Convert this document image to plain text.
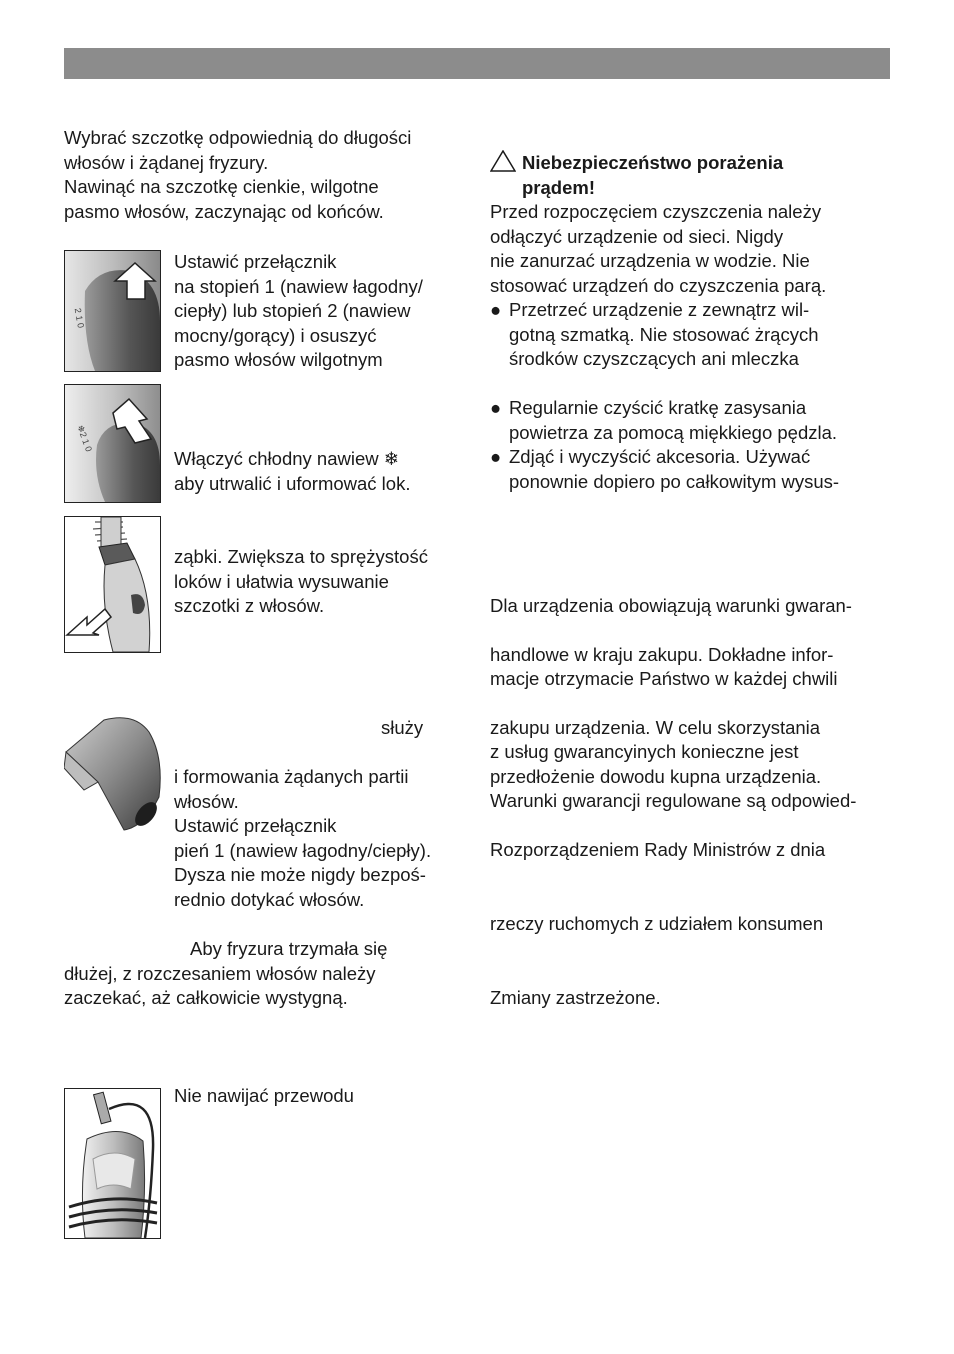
Wybrać szczotkę odpowiednią do długości
włosów i żądanej fryzury.
Nawinąć na szczotkę cienkie, wilgotne
pasmo włosów, zaczynając od końców.
2 1 0
Ustawić przełącznik
na stopień 1 (nawiew łagodny/
ciepły) lub stopień 2 (nawiew
mocny/gorący) i osuszyć
pasmo włosów wilgotnym
❄2 1 0
Włączyć chłodny nawiew ❄
aby utrwalić i uformować lok.
ząbki. Zwiększa to sprężystość
loków i ułatwia wysuwanie
szczotki z włosów.
służy
i formowania żądanych partii
włosów.
Ustawić przełącznik
pień 1 (nawiew łagodny/ciepły).
Dysza nie może nigdy bezpoś-
rednio dotykać włosów.
Aby fryzura trzymała się
dłużej, z rozczesaniem włosów należy
zaczekać, aż całkowicie wystygną.
Nie nawijać przewodu
Niebezpieczeństwo porażenia
prądem!
Przed rozpoczęciem czyszczenia należy
odłączyć urządzenie od sieci. Nigdy
nie zanurzać urządzenia w wodzie. Nie
stosować urządzeń do czyszczenia parą.
● Przetrzeć urządzenie z zewnątrz wil-
gotną szmatką. Nie stosować żrących
środków czyszczących ani mleczka
● Regularnie czyścić kratkę zasysania
powietrza za pomocą miękkiego pędzla.
● Zdjąć i wyczyścić akcesoria. Używać
ponownie dopiero po całkowitym wysus-
Dla urządzenia obowiązują warunki gwaran-
handlowe w kraju zakupu. Dokładne infor-
macje otrzymacie Państwo w każdej chwili
zakupu urządzenia. W celu skorzystania
z usług gwarancyinych konieczne jest
przedłożenie dowodu kupna urządzenia.
Warunki gwarancji regulowane są odpowied-
Rozporządzeniem Rady Ministrów z dnia
rzeczy ruchomych z udziałem konsumen
Zmiany zastrzeżone.
